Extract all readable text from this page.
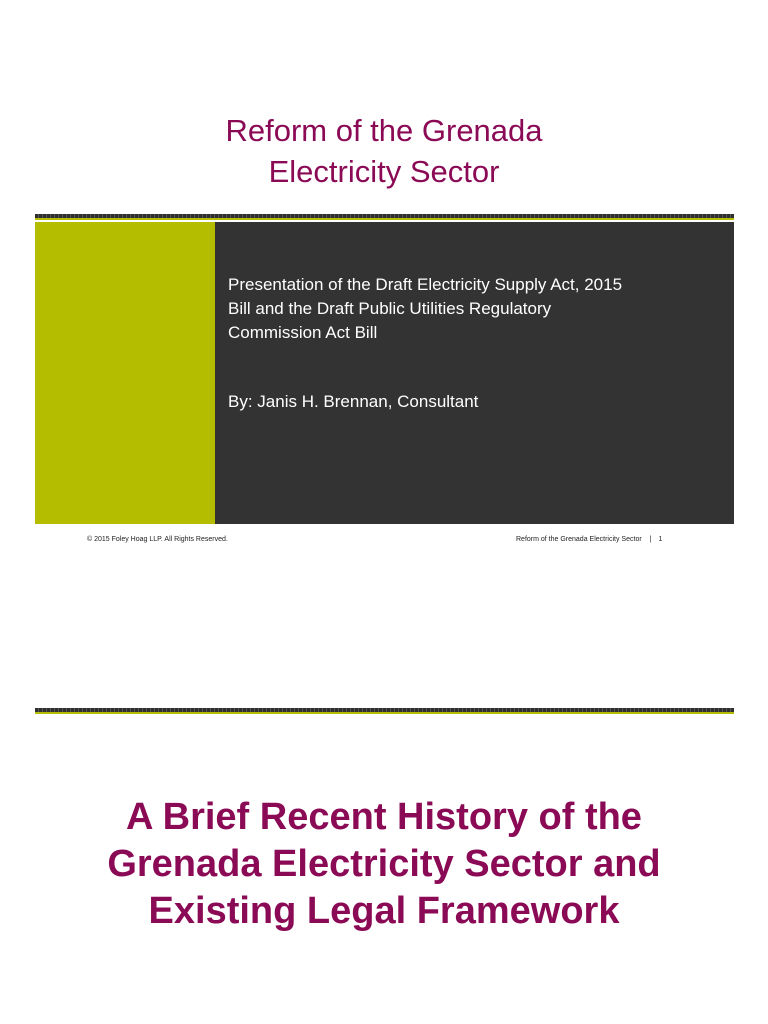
Reform of the Grenada
Electricity Sector
Presentation of the Draft Electricity Supply Act, 2015
Bill and the Draft Public Utilities Regulatory
Commission Act Bill
By: Janis H. Brennan, Consultant
© 2015 Foley Hoag LLP. All Rights Reserved.	Reform of the Grenada Electricity Sector | 1
A Brief Recent History of the
Grenada Electricity Sector and
Existing Legal Framework
